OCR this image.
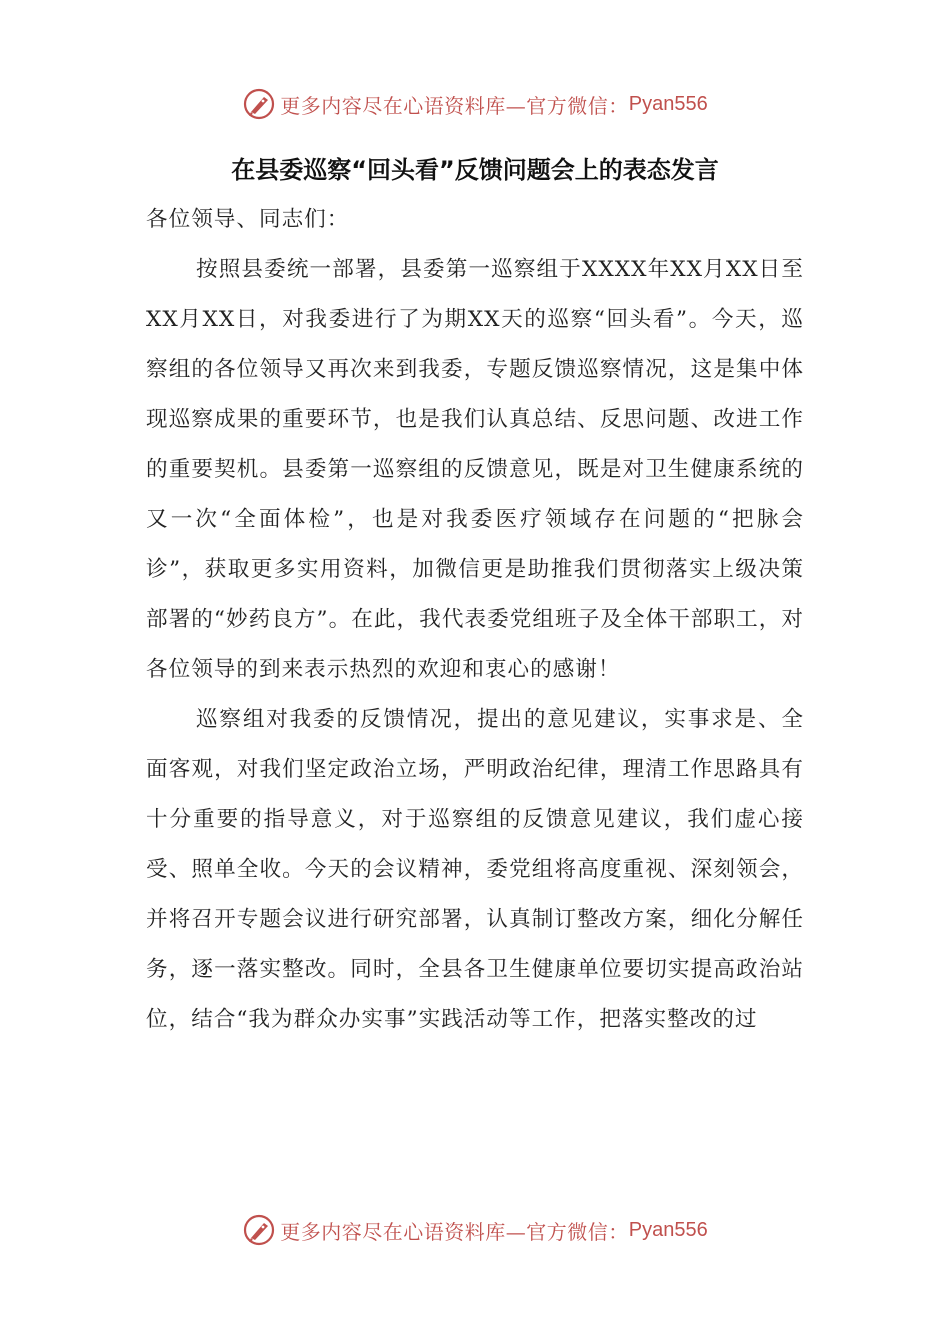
更多内容尽在心语资料库—官方微信： Pyan556
在县委巡察“回头看”反馈问题会上的表态发言

各位领导、同志们：

按照县委统一部署，县委第一巡察组于XXXX年XX月XX日至XX月XX日，对我委进行了为期XX天的巡察“回头看”。今天，巡察组的各位领导又再次来到我委，专题反馈巡察情况，这是集中体现巡察成果的重要环节，也是我们认真总结、反思问题、改进工作的重要契机。县委第一巡察组的反馈意见，既是对卫生健康系统的又一次“全面体检”，也是对我委医疗领域存在问题的“把脉会诊”，获取更多实用资料，加微信更是助推我们贯彻落实上级决策部署的“妙药良方”。在此，我代表委党组班子及全体干部职工，对各位领导的到来表示热烈的欢迎和衷心的感谢！

巡察组对我委的反馈情况，提出的意见建议，实事求是、全面客观，对我们坚定政治立场，严明政治纪律，理清工作思路具有十分重要的指导意义，对于巡察组的反馈意见建议，我们虚心接受、照单全收。今天的会议精神，委党组将高度重视、深刻领会，并将召开专题会议进行研究部署，认真制订整改方案，细化分解任务，逐一落实整改。同时，全县各卫生健康单位要切实提高政治站位，结合“我为群众办实事”实践活动等工作，把落实整改的过

更多内容尽在心语资料库—官方微信： Pyan556
